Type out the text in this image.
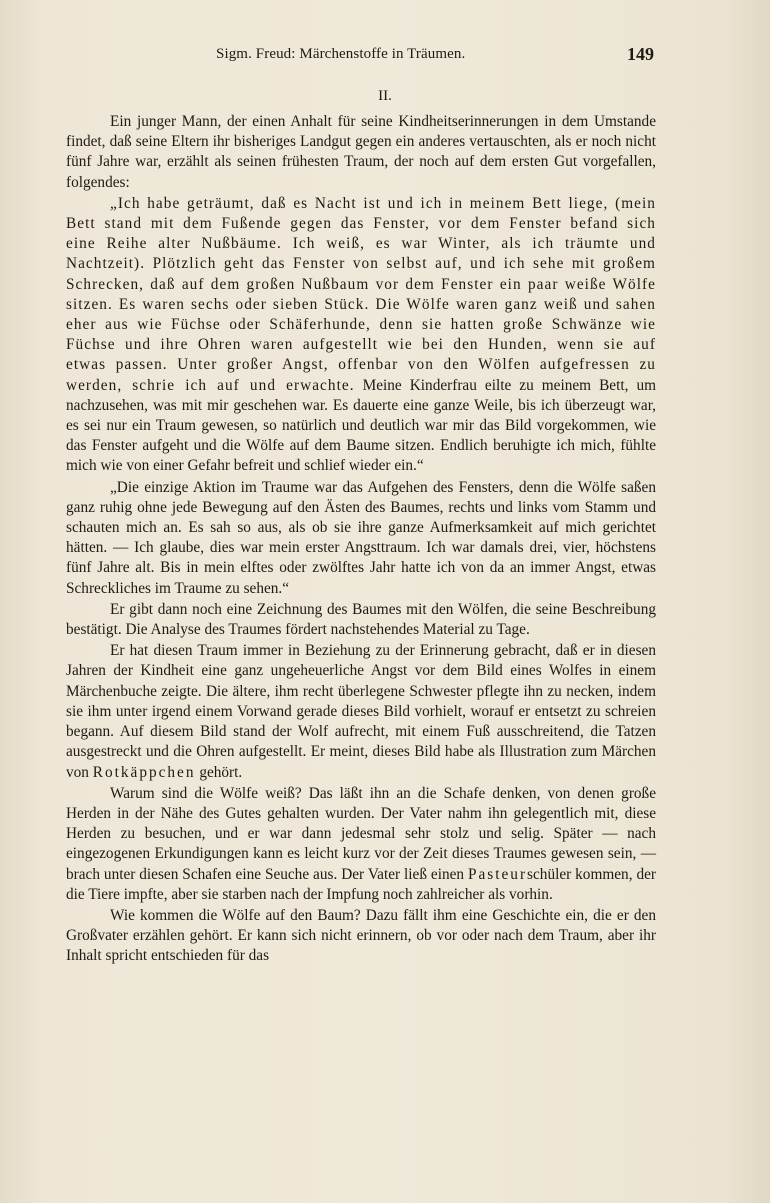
Sigm. Freud: Märchenstoffe in Träumen.	149
II.

Ein junger Mann, der einen Anhalt für seine Kindheitserinnerungen in dem Umstande findet, daß seine Eltern ihr bisheriges Landgut gegen ein anderes vertauschten, als er noch nicht fünf Jahre war, erzählt als seinen frühesten Traum, der noch auf dem ersten Gut vorgefallen, folgendes:

„Ich habe geträumt, daß es Nacht ist und ich in meinem Bett liege, (mein Bett stand mit dem Fußende gegen das Fenster, vor dem Fenster befand sich eine Reihe alter Nußbäume. Ich weiß, es war Winter, als ich träumte und Nachtzeit). Plötzlich geht das Fenster von selbst auf, und ich sehe mit großem Schrecken, daß auf dem großen Nußbaum vor dem Fenster ein paar weiße Wölfe sitzen. Es waren sechs oder sieben Stück. Die Wölfe waren ganz weiß und sahen eher aus wie Füchse oder Schäferhunde, denn sie hatten große Schwänze wie Füchse und ihre Ohren waren aufgestellt wie bei den Hunden, wenn sie auf etwas passen. Unter großer Angst, offenbar von den Wölfen aufgefressen zu werden, schrie ich auf und erwachte. Meine Kinderfrau eilte zu meinem Bett, um nachzusehen, was mit mir geschehen war. Es dauerte eine ganze Weile, bis ich überzeugt war, es sei nur ein Traum gewesen, so natürlich und deutlich war mir das Bild vorgekommen, wie das Fenster aufgeht und die Wölfe auf dem Baume sitzen. Endlich beruhigte ich mich, fühlte mich wie von einer Gefahr befreit und schlief wieder ein.“

„Die einzige Aktion im Traume war das Aufgehen des Fensters, denn die Wölfe saßen ganz ruhig ohne jede Bewegung auf den Ästen des Baumes, rechts und links vom Stamm und schauten mich an. Es sah so aus, als ob sie ihre ganze Aufmerksamkeit auf mich gerichtet hätten. — Ich glaube, dies war mein erster Angsttraum. Ich war damals drei, vier, höchstens fünf Jahre alt. Bis in mein elftes oder zwölftes Jahr hatte ich von da an immer Angst, etwas Schreckliches im Traume zu sehen.“

Er gibt dann noch eine Zeichnung des Baumes mit den Wölfen, die seine Beschreibung bestätigt. Die Analyse des Traumes fördert nachstehendes Material zu Tage.

Er hat diesen Traum immer in Beziehung zu der Erinnerung gebracht, daß er in diesen Jahren der Kindheit eine ganz ungeheuerliche Angst vor dem Bild eines Wolfes in einem Märchenbuche zeigte. Die ältere, ihm recht überlegene Schwester pflegte ihn zu necken, indem sie ihm unter irgend einem Vorwand gerade dieses Bild vorhielt, worauf er entsetzt zu schreien begann. Auf diesem Bild stand der Wolf aufrecht, mit einem Fuß ausschreitend, die Tatzen ausgestreckt und die Ohren aufgestellt. Er meint, dieses Bild habe als Illustration zum Märchen von Rotkäppchen gehört.

Warum sind die Wölfe weiß? Das läßt ihn an die Schafe denken, von denen große Herden in der Nähe des Gutes gehalten wurden. Der Vater nahm ihn gelegentlich mit, diese Herden zu besuchen, und er war dann jedesmal sehr stolz und selig. Später — nach eingezogenen Erkundigungen kann es leicht kurz vor der Zeit dieses Traumes gewesen sein, — brach unter diesen Schafen eine Seuche aus. Der Vater ließ einen Pasteurschüler kommen, der die Tiere impfte, aber sie starben nach der Impfung noch zahlreicher als vorhin.

Wie kommen die Wölfe auf den Baum? Dazu fällt ihm eine Geschichte ein, die er den Großvater erzählen gehört. Er kann sich nicht erinnern, ob vor oder nach dem Traum, aber ihr Inhalt spricht entschieden für das
